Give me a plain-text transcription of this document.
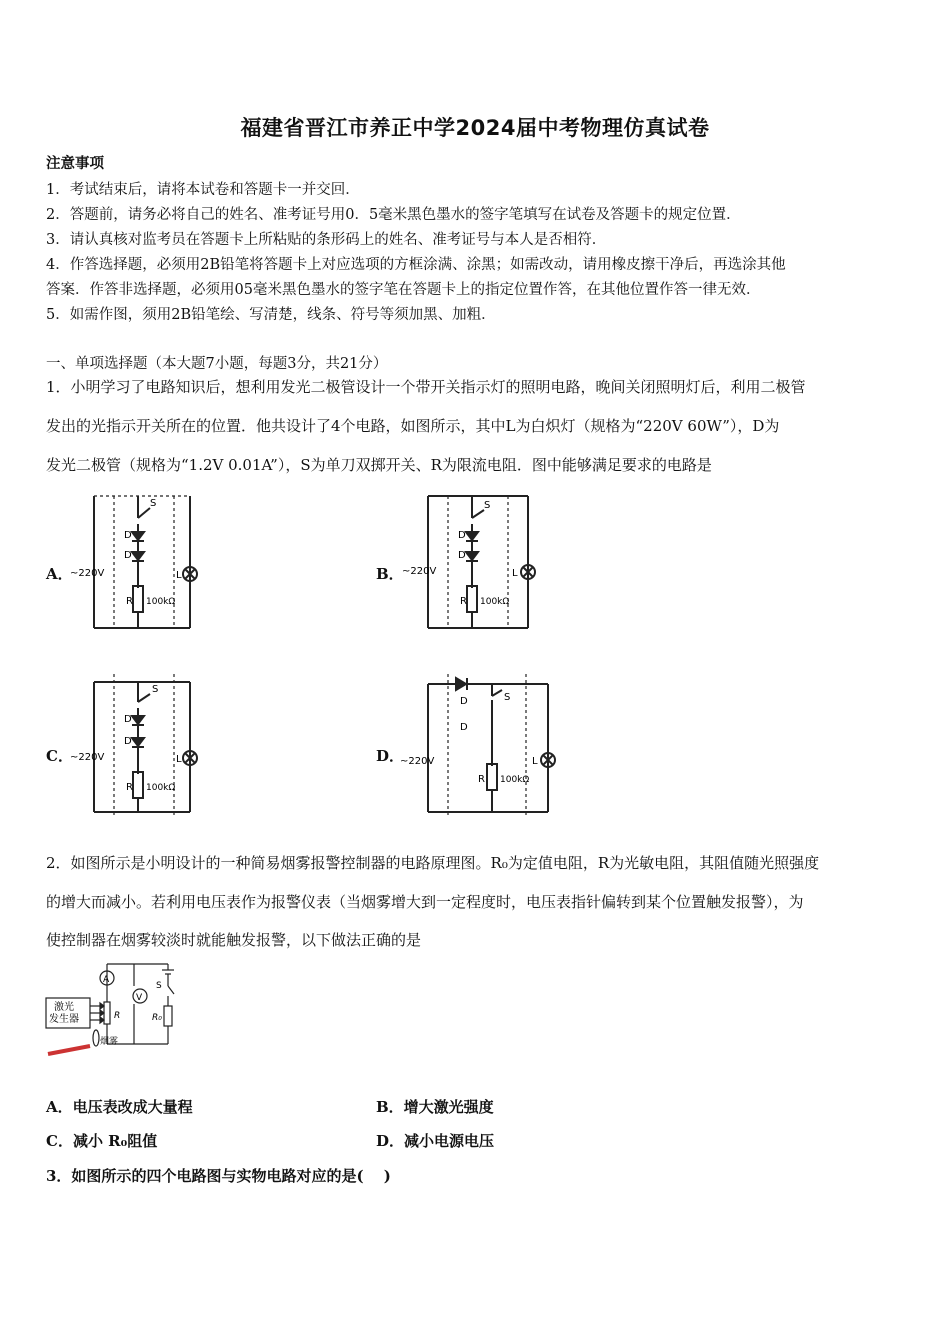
福建省晋江市养正中学2024届中考物理仿真试卷
注意事项
1．考试结束后，请将本试卷和答题卡一并交回．
2．答题前，请务必将自己的姓名、准考证号用0．5毫米黑色墨水的签字笔填写在试卷及答题卡的规定位置．
3．请认真核对监考员在答题卡上所粘贴的条形码上的姓名、准考证号与本人是否相符．
4．作答选择题，必须用2B铅笔将答题卡上对应选项的方框涂满、涂黑；如需改动，请用橡皮擦干净后，再选涂其他
答案．作答非选择题，必须用05毫米黑色墨水的签字笔在答题卡上的指定位置作答，在其他位置作答一律无效．
5．如需作图，须用2B铅笔绘、写清楚，线条、符号等须加黑、加粗．
一、单项选择题（本大题7小题，每题3分，共21分）
1．小明学习了电路知识后，想利用发光二极管设计一个带开关指示灯的照明电路，晚间关闭照明灯后，利用二极管
发出的光指示开关所在的位置．他共设计了4个电路，如图所示，其中L为白炽灯（规格为“220V 60W”），D为
发光二极管（规格为“1.2V 0.01A”），S为单刀双掷开关、R为限流电阻．图中能够满足要求的电路是
A．	B．
C．	D．
~220V
D
D
S
R 100kΩ
L	~220V
D
D
S
R 100kΩ
L
~220V
D
D
S
R 100kΩ
L	~220V
D
D
S
R 100kΩ
L
2．如图所示是小明设计的一种简易烟雾报警控制器的电路原理图。R₀为定值电阻，R为光敏电阻，其阻值随光照强度
的增大而减小。若利用电压表作为报警仪表（当烟雾增大到一定程度时，电压表指针偏转到某个位置触发报警），为
使控制器在烟雾较淡时就能触发报警，以下做法正确的是
激光
发生器
A
V
R	R₀
S
烟雾
A．电压表改成大量程	B．增大激光强度
C．减小 R₀阻值	D．减小电源电压
3．如图所示的四个电路图与实物电路对应的是(　 )
